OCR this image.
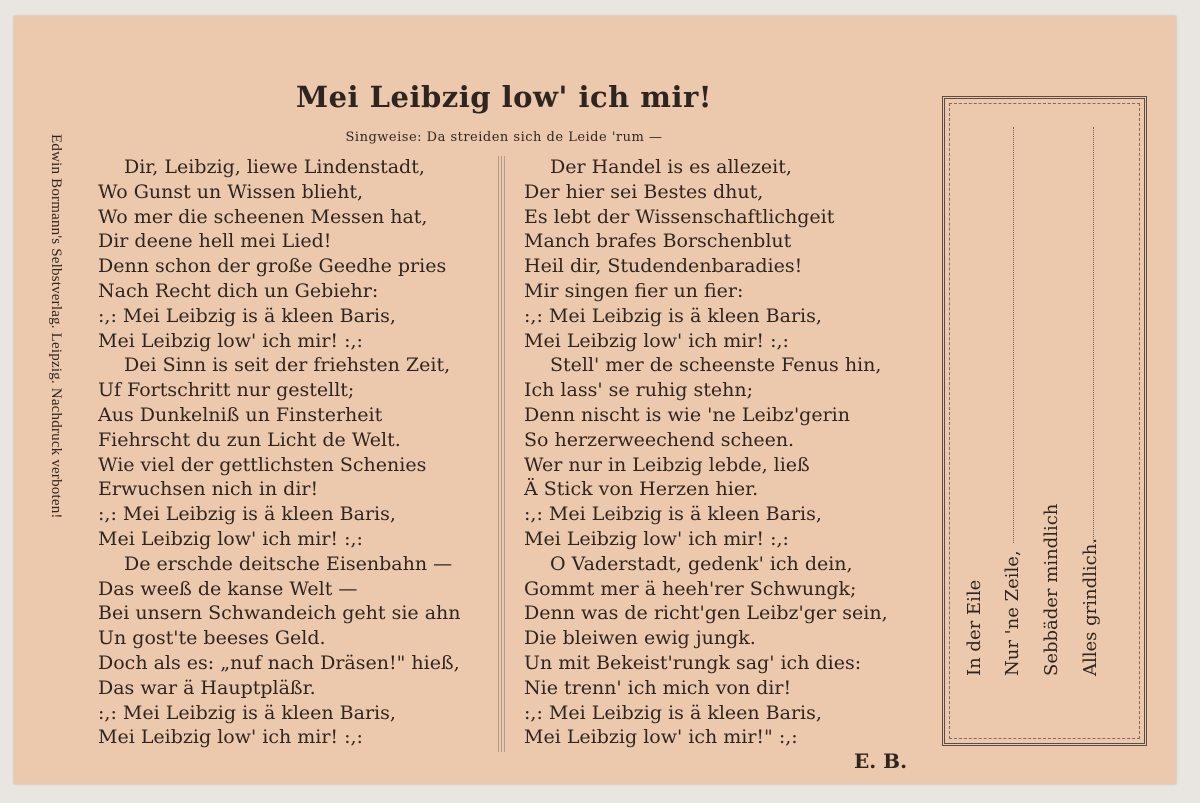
Edwin Bormann's Selbstverlag. Leipzig. Nachdruck verboten!
Mei Leibzig low' ich mir!
Singweise: Da streiden sich de Leide 'rum —
Dir, Leibzig, liewe Lindenstadt,
Wo Gunst un Wissen blieht,
Wo mer die scheenen Messen hat,
Dir deene hell mei Lied!
Denn schon der große Geedhe pries
Nach Recht dich un Gebiehr:
:,: Mei Leibzig is ä kleen Baris,
Mei Leibzig low' ich mir! :,:
Dei Sinn is seit der friehsten Zeit,
Uf Fortschritt nur gestellt;
Aus Dunkelniß un Finsterheit
Fiehrscht du zun Licht de Welt.
Wie viel der gettlichsten Schenies
Erwuchsen nich in dir!
:,: Mei Leibzig is ä kleen Baris,
Mei Leibzig low' ich mir! :,:
De erschde deitsche Eisenbahn —
Das weeß de kanse Welt —
Bei unsern Schwandeich geht sie ahn
Un gost'te beeses Geld.
Doch als es: „nuf nach Dräsen!" hieß,
Das war ä Hauptpläßr.
:,: Mei Leibzig is ä kleen Baris,
Mei Leibzig low' ich mir! :,:
Der Handel is es allezeit,
Der hier sei Bestes dhut,
Es lebt der Wissenschaftlichgeit
Manch brafes Borschenblut
Heil dir, Studendenbaradies!
Mir singen fier un fier:
:,: Mei Leibzig is ä kleen Baris,
Mei Leibzig low' ich mir! :,:
Stell' mer de scheenste Fenus hin,
Ich lass' se ruhig stehn;
Denn nischt is wie 'ne Leibz'gerin
So herzerweechend scheen.
Wer nur in Leibzig lebde, ließ
Ä Stick von Herzen hier.
:,: Mei Leibzig is ä kleen Baris,
Mei Leibzig low' ich mir! :,:
O Vaderstadt, gedenk' ich dein,
Gommt mer ä heeh'rer Schwungk;
Denn was de richt'gen Leibz'ger sein,
Die bleiwen ewig jungk.
Un mit Bekeist'rungk sag' ich dies:
Nie trenn' ich mich von dir!
:,: Mei Leibzig is ä kleen Baris,
Mei Leibzig low' ich mir!" :,:
E. B.
In der Eile Nur 'ne Zeile, Sebbäder mindlich Alles grindlich.
